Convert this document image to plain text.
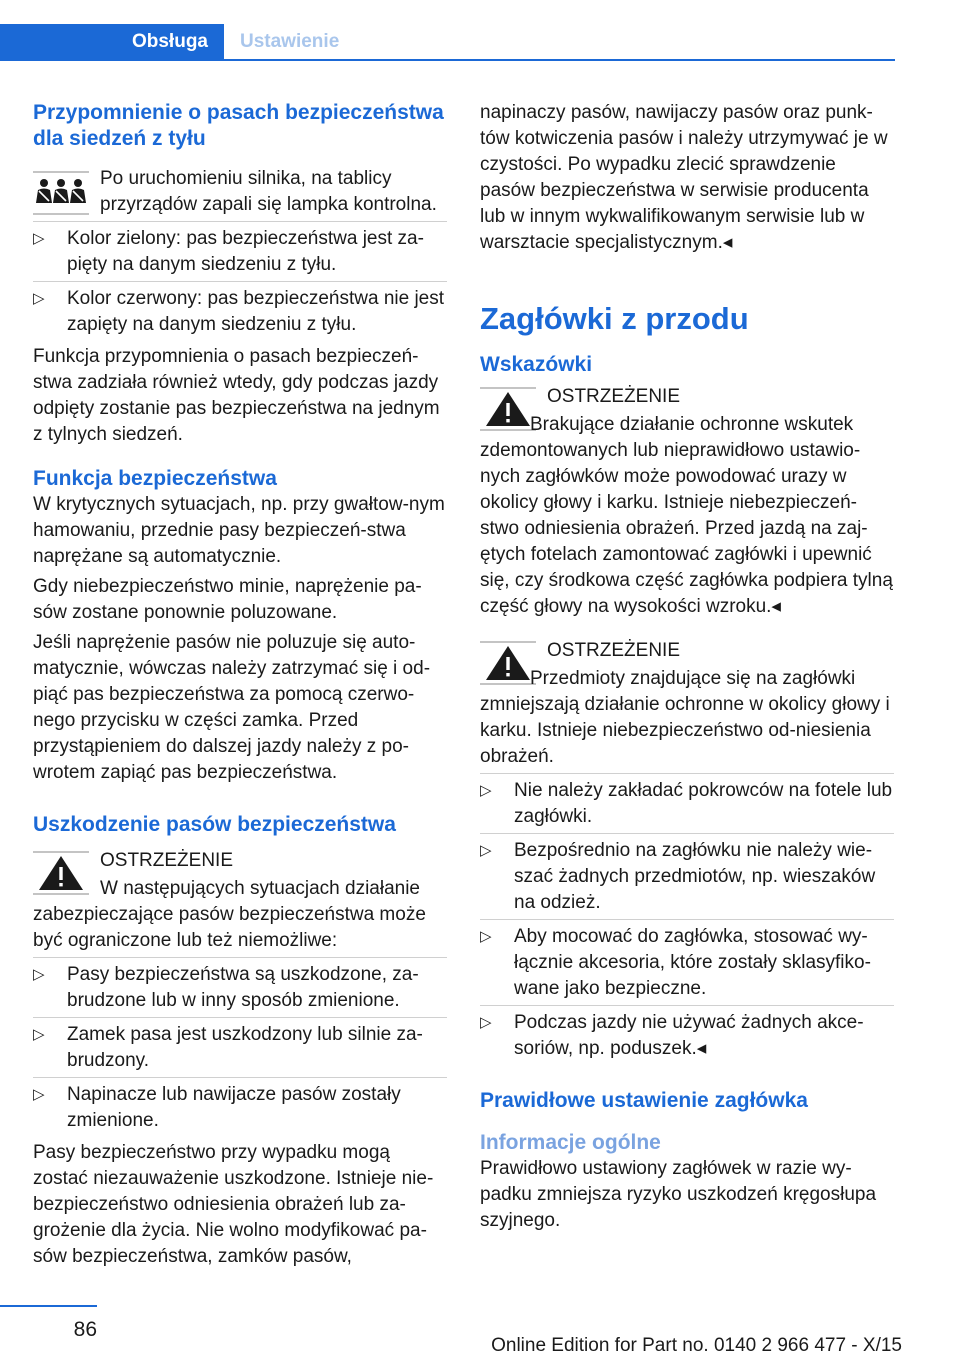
Obsługa	Ustawienie
Przypomnienie o pasach bezpieczeństwa dla siedzeń z tyłu

Po uruchomieniu silnika, na tablicy przyrządów zapali się lampka kontrolna.

▷ Kolor zielony: pas bezpieczeństwa jest za-pięty na danym siedzeniu z tyłu.
▷ Kolor czerwony: pas bezpieczeństwa nie jest zapięty na danym siedzeniu z tyłu.

Funkcja przypomnienia o pasach bezpieczeń-stwa zadziała również wtedy, gdy podczas jazdy odpięty zostanie pas bezpieczeństwa na jednym z tylnych siedzeń.

Funkcja bezpieczeństwa

W krytycznych sytuacjach, np. przy gwałtow-nym hamowaniu, przednie pasy bezpieczeń-stwa naprężane są automatycznie.

Gdy niebezpieczeństwo minie, naprężenie pa-sów zostane ponownie poluzowane.

Jeśli naprężenie pasów nie poluzuje się auto-matycznie, wówczas należy zatrzymać się i od-piąć pas bezpieczeństwa za pomocą czerwo-nego przycisku w części zamka. Przed przystąpieniem do dalszej jazdy należy z po-wrotem zapiąć pas bezpieczeństwa.

Uszkodzenie pasów bezpieczeństwa

OSTRZEŻENIE

W następujących sytuacjach działanie zabezpieczające pasów bezpieczeństwa może być ograniczone lub też niemożliwe:

▷ Pasy bezpieczeństwa są uszkodzone, za-brudzone lub w inny sposób zmienione.
▷ Zamek pasa jest uszkodzony lub silnie za-brudzony.
▷ Napinacze lub nawijacze pasów zostały zmienione.

Pasy bezpieczeństwo przy wypadku mogą zostać niezauważenie uszkodzone. Istnieje nie-bezpieczeństwo odniesienia obrażeń lub za-grożenie dla życia. Nie wolno modyfikować pa-sów bezpieczeństwa, zamków pasów,

napinaczy pasów, nawijaczy pasów oraz punk-tów kotwiczenia pasów i należy utrzymywać je w czystości. Po wypadku zlecić sprawdzenie pasów bezpieczeństwa w serwisie producenta lub w innym wykwalifikowanym serwisie lub w warsztacie specjalistycznym.◂

Zagłówki z przodu
Wskazówki

OSTRZEŻENIE

Brakujące działanie ochronne wskutek zdemontowanych lub nieprawidłowo ustawio-nych zagłówków może powodować urazy w okolicy głowy i karku. Istnieje niebezpieczeń-stwo odniesienia obrażeń. Przed jazdą na zaj-ętych fotelach zamontować zagłówki i upewnić się, czy środkowa część zagłówka podpiera tylną część głowy na wysokości wzroku.◂

OSTRZEŻENIE

Przedmioty znajdujące się na zagłówki zmniejszają działanie ochronne w okolicy głowy i karku. Istnieje niebezpieczeństwo od-niesienia obrażeń.

▷ Nie należy zakładać pokrowców na fotele lub zagłówki.
▷ Bezpośrednio na zagłówku nie należy wie-szać żadnych przedmiotów, np. wieszaków na odzież.
▷ Aby mocować do zagłówka, stosować wy-łącznie akcesoria, które zostały sklasyfiko-wane jako bezpieczne.
▷ Podczas jazdy nie używać żadnych akce-soriów, np. poduszek.◂
Prawidłowe ustawienie zagłówka
Informacje ogólne

Prawidłowo ustawiony zagłówek w razie wy-padku zmniejsza ryzyko uszkodzeń kręgosłupa szyjnego.

86
Online Edition for Part no. 0140 2 966 477 - X/15
